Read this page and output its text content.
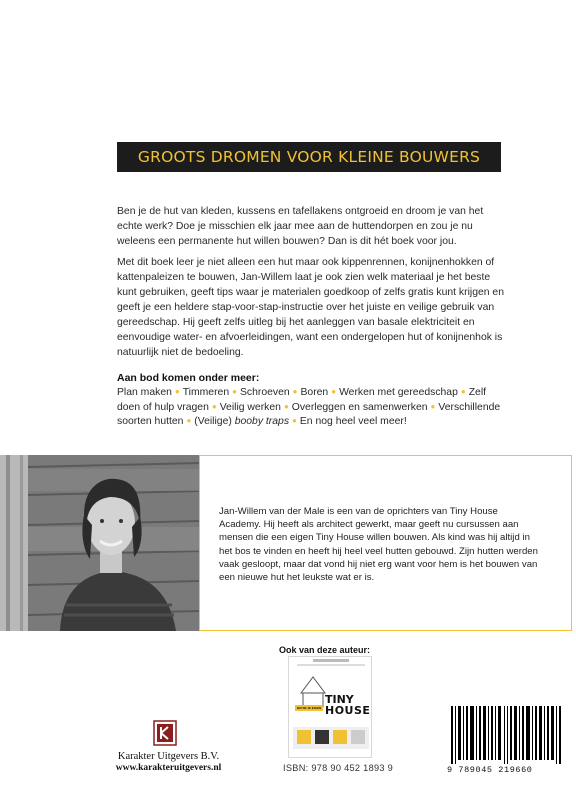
GROOTS DROMEN VOOR KLEINE BOUWERS

Ben je de hut van kleden, kussens en tafellakens ontgroeid en droom je van het echte werk? Doe je misschien elk jaar mee aan de huttendorpen en zou je nu weleens een permanente hut willen bouwen? Dan is dit hét boek voor jou.

Met dit boek leer je niet alleen een hut maar ook kippenrennen, konijnenhokken of kattenpaleizen te bouwen, Jan-Willem laat je ook zien welk materiaal je het beste kunt gebruiken, geeft tips waar je materialen goedkoop of zelfs gratis kunt krijgen en geeft je een heldere stap-voor-stap-instructie over het juiste en veilige gebruik van gereedschap. Hij geeft zelfs uitleg bij het aanleggen van basale elektriciteit en eenvoudige water- en afvoerleidingen, want een ondergelopen hut of konijnenhok is natuurlijk niet de bedoeling.

Aan bod komen onder meer:
Plan maken ● Timmeren ● Schroeven ● Boren ● Werken met gereedschap ● Zelf doen of hulp vragen ● Veilig werken ● Overleggen en samenwerken ● Verschillende soorten hutten ● (Veilige) booby traps ● En nog heel veel meer!

Jan-Willem van der Male is een van de oprichters van Tiny House Academy. Hij heeft als architect gewerkt, maar geeft nu cursussen aan mensen die een eigen Tiny House willen bouwen. Als kind was hij altijd in het bos te vinden en heeft hij heel veel hutten gebouwd. Zijn hutten werden vaak gesloopt, maar dat vond hij niet erg want voor hem is het bouwen van een nieuwe hut het leukste wat er is.

Ook van deze auteur:
BOUW JE EIGEN
TINY
HOUSE
ISBN: 978 90 452 1893 9
Karakter Uitgevers B.V.
www.karakteruitgevers.nl	9 789045 219660
